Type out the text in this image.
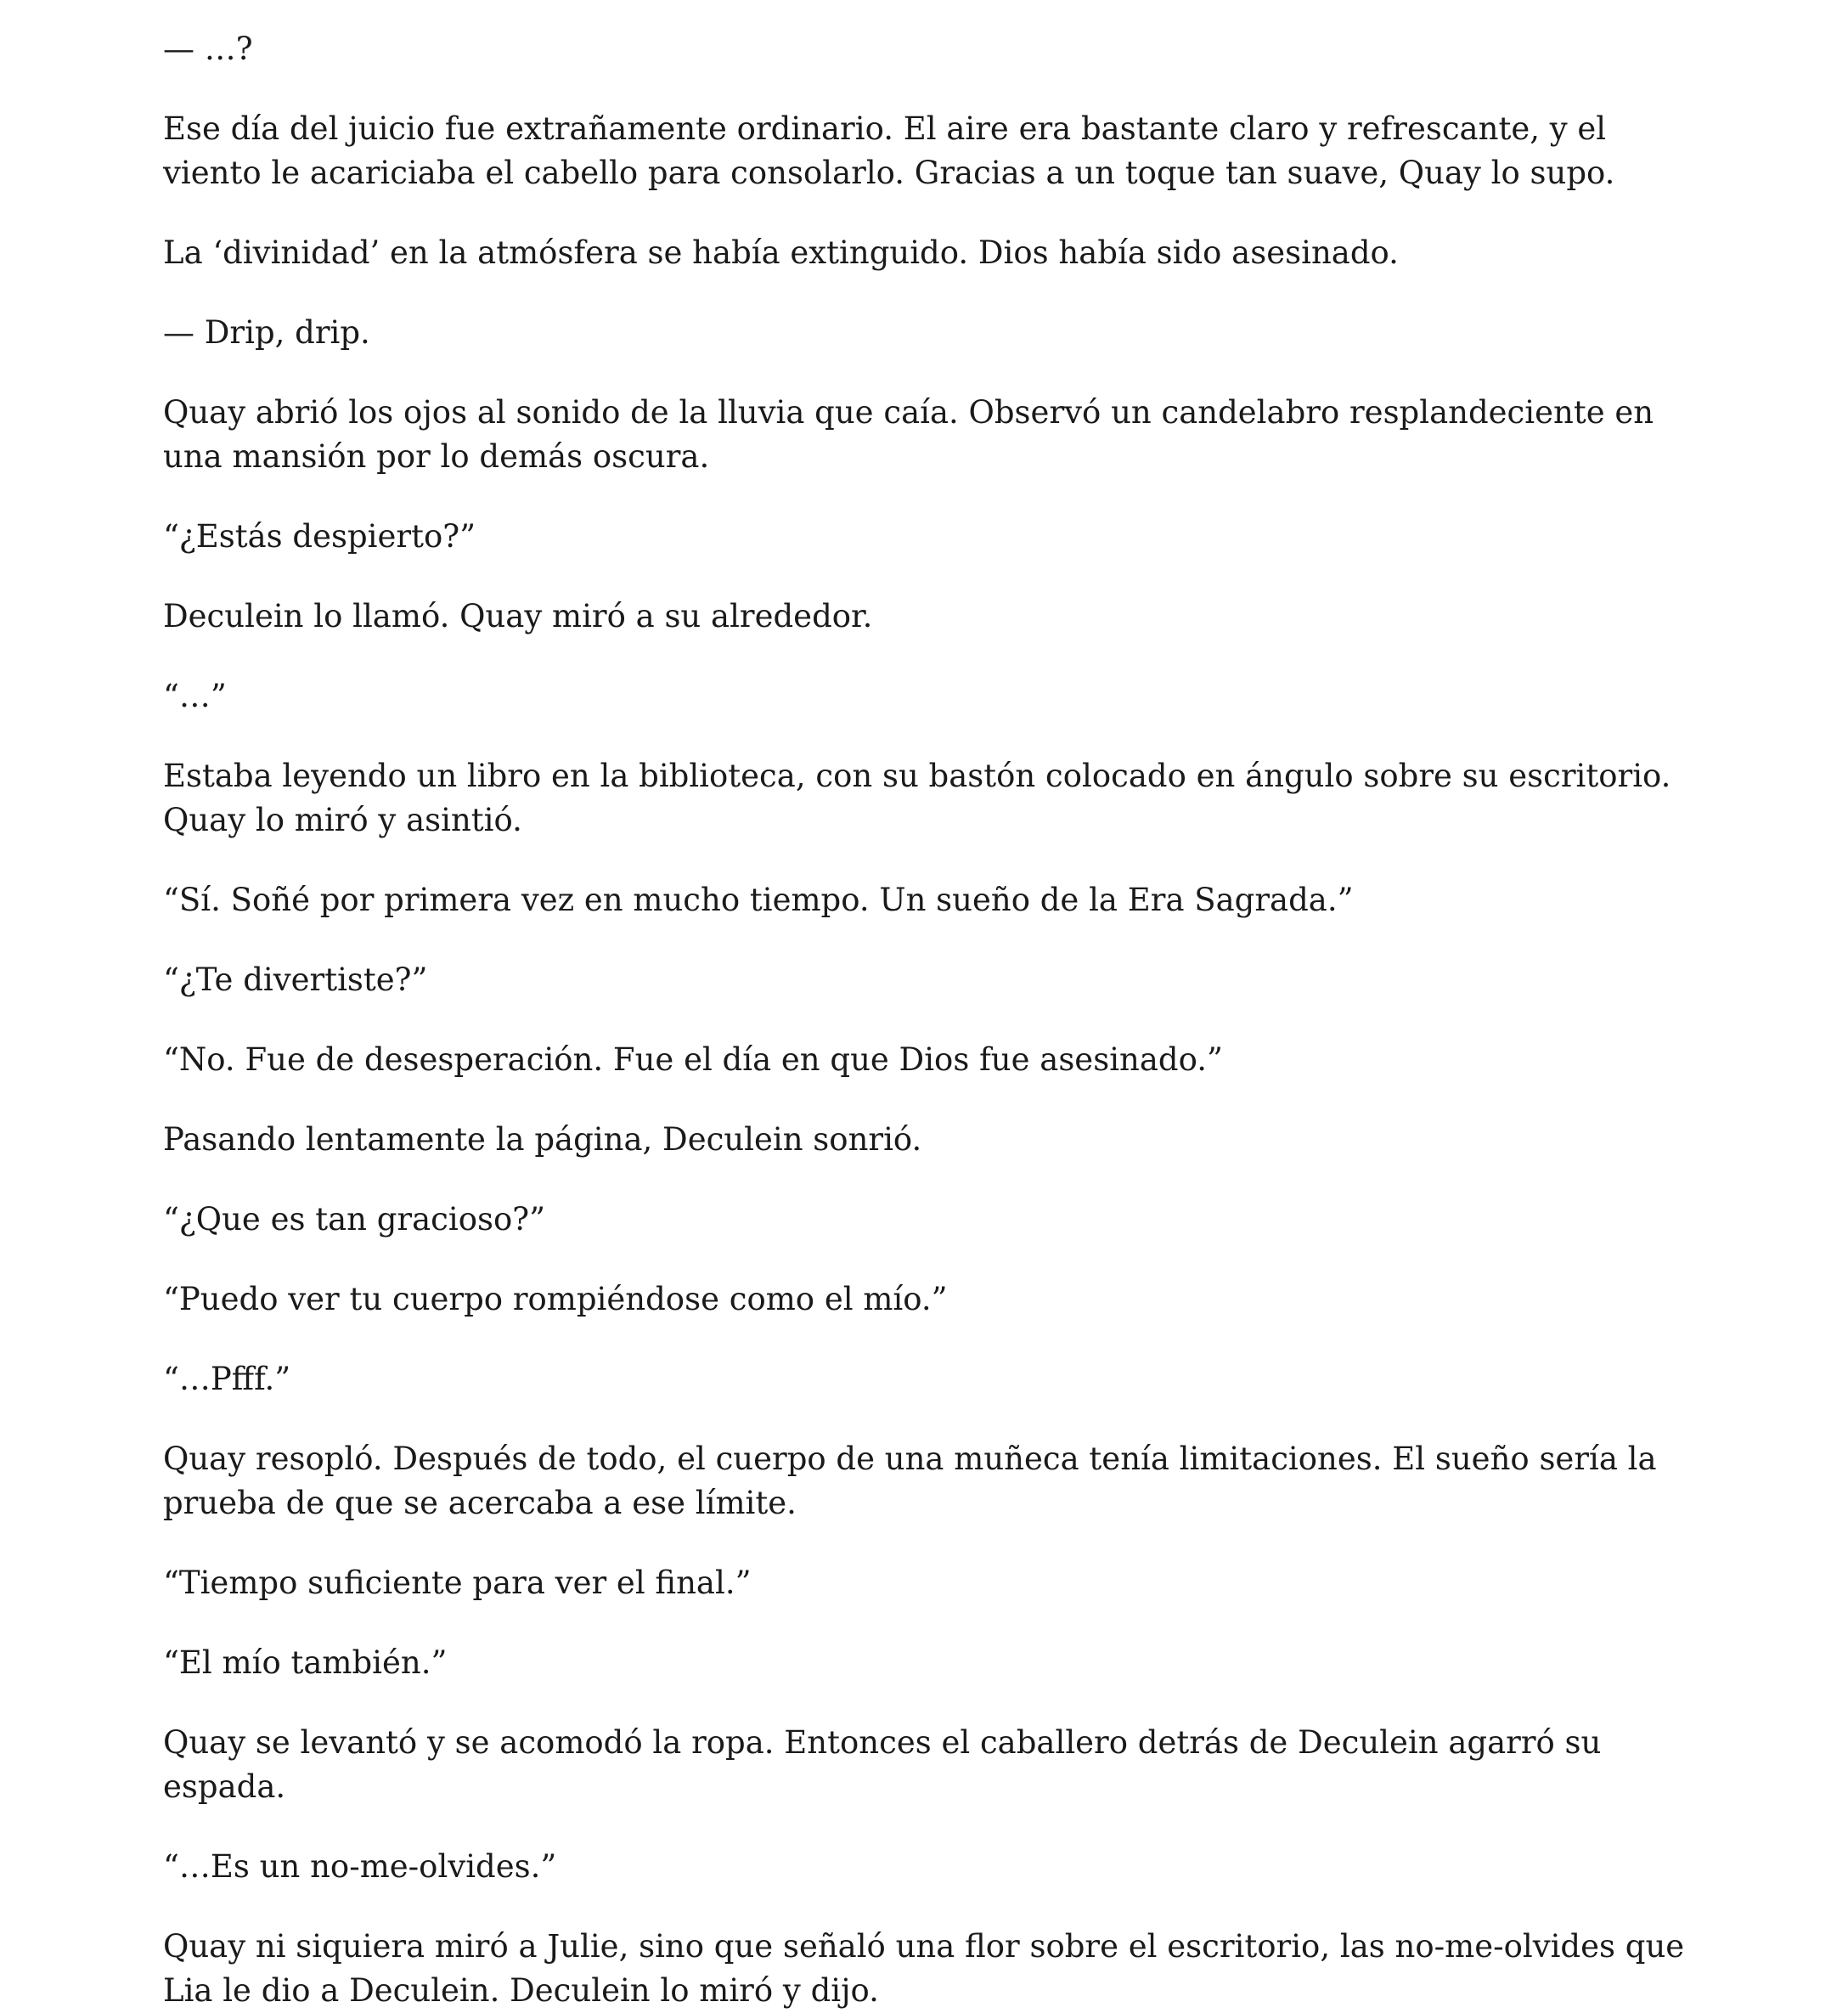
— …?

Ese día del juicio fue extrañamente ordinario. El aire era bastante claro y refrescante, y el viento le acariciaba el cabello para consolarlo. Gracias a un toque tan suave, Quay lo supo.

La ‘divinidad’ en la atmósfera se había extinguido. Dios había sido asesinado.

— Drip, drip.

Quay abrió los ojos al sonido de la lluvia que caía. Observó un candelabro resplandeciente en una mansión por lo demás oscura.

“¿Estás despierto?”

Deculein lo llamó. Quay miró a su alrededor.

“…”

Estaba leyendo un libro en la biblioteca, con su bastón colocado en ángulo sobre su escritorio. Quay lo miró y asintió.

“Sí. Soñé por primera vez en mucho tiempo. Un sueño de la Era Sagrada.”

“¿Te divertiste?”

“No. Fue de desesperación. Fue el día en que Dios fue asesinado.”

Pasando lentamente la página, Deculein sonrió.

“¿Que es tan gracioso?”

“Puedo ver tu cuerpo rompiéndose como el mío.”

“…Pfff.”

Quay resopló. Después de todo, el cuerpo de una muñeca tenía limitaciones. El sueño sería la prueba de que se acercaba a ese límite.

“Tiempo suficiente para ver el final.”

“El mío también.”

Quay se levantó y se acomodó la ropa. Entonces el caballero detrás de Deculein agarró su espada.

“…Es un no-me-olvides.”

Quay ni siquiera miró a Julie, sino que señaló una flor sobre el escritorio, las no-me-olvides que Lia le dio a Deculein. Deculein lo miró y dijo.
